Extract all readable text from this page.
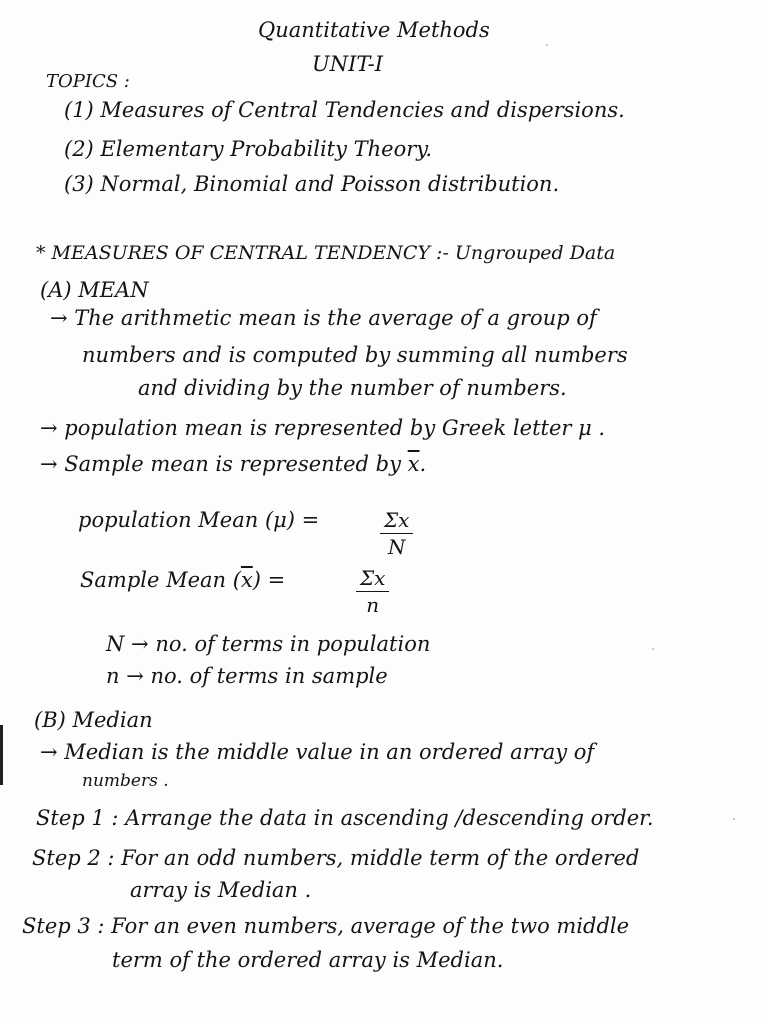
Quantitative Methods
UNIT-I
TOPICS :
(1) Measures of Central Tendencies and dispersions.
(2) Elementary Probability Theory.
(3) Normal, Binomial and Poisson distribution.
* MEASURES OF CENTRAL TENDENCY :- Ungrouped Data
(A) MEAN
→ The arithmetic mean is the average of a group of
numbers and is computed by summing all numbers
and dividing by the number of numbers.
→ population mean is represented by Greek letter μ .
→ Sample mean is represented by $\overline{x}$.
population Mean (μ) =	$\frac{\Sigma x}{N}$
Sample Mean $(\overline{x})$ =	$\frac{\Sigma x}{n}$
N → no. of terms in population
n → no. of terms in sample
(B) Median
→ Median is the middle value in an ordered array of
numbers .
Step 1 : Arrange the data in ascending /descending order.
Step 2 : For an odd numbers, middle term of the ordered
array is Median .
Step 3 : For an even numbers, average of the two middle
term of the ordered array is Median.
